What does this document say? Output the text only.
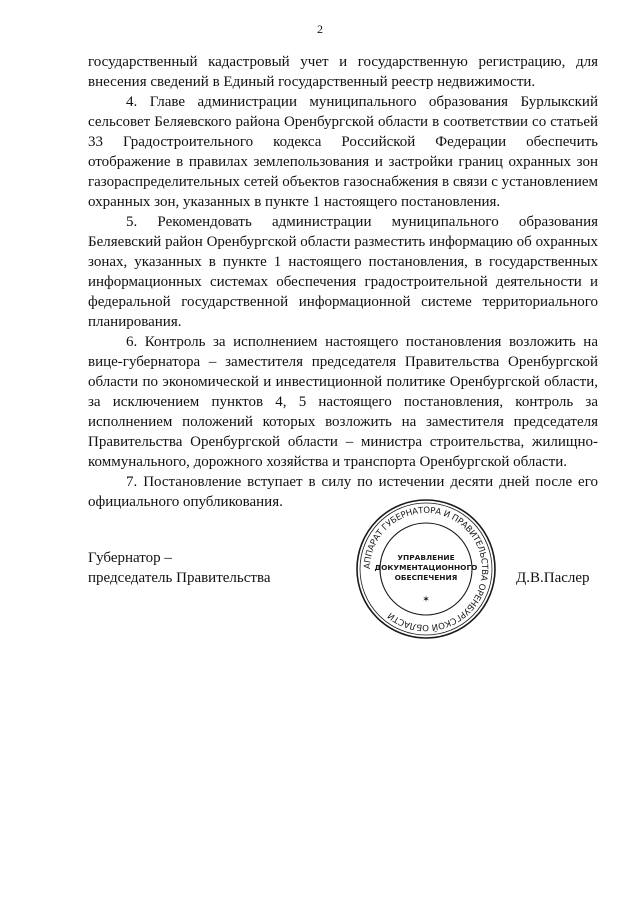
2

государственный кадастровый учет и государственную регистрацию, для внесения сведений в Единый государственный реестр недвижимости.

4. Главе администрации муниципального образования Бурлыкский сельсовет Беляевского района Оренбургской области в соответствии со статьей 33 Градостроительного кодекса Российской Федерации обеспечить отображение в правилах землепользования и застройки границ охранных зон газораспределительных сетей объектов газоснабжения в связи с установлением охранных зон, указанных в пункте 1 настоящего постановления.

5. Рекомендовать администрации муниципального образования Беляевский район Оренбургской области разместить информацию об охранных зонах, указанных в пункте 1 настоящего постановления, в государственных информационных системах обеспечения градостроительной деятельности и федеральной государственной информационной системе территориального планирования.

6. Контроль за исполнением настоящего постановления возложить на вице-губернатора – заместителя председателя Правительства Оренбургской области по экономической и инвестиционной политике Оренбургской области, за исключением пунктов 4, 5 настоящего постановления, контроль за исполнением положений которых возложить на заместителя председателя Правительства Оренбургской области – министра строительства, жилищно-коммунального, дорожного хозяйства и транспорта Оренбургской области.

7. Постановление вступает в силу по истечении десяти дней после его официального опубликования.

Губернатор –
председатель Правительства
АППАРАТ ГУБЕРНАТОРА И ПРАВИТЕЛЬСТВА ОРЕНБУРГСКОЙ ОБЛАСТИ
✶
УПРАВЛЕНИЕ
ДОКУМЕНТАЦИОННОГО
ОБЕСПЕЧЕНИЯ	Д.В.Паслер
